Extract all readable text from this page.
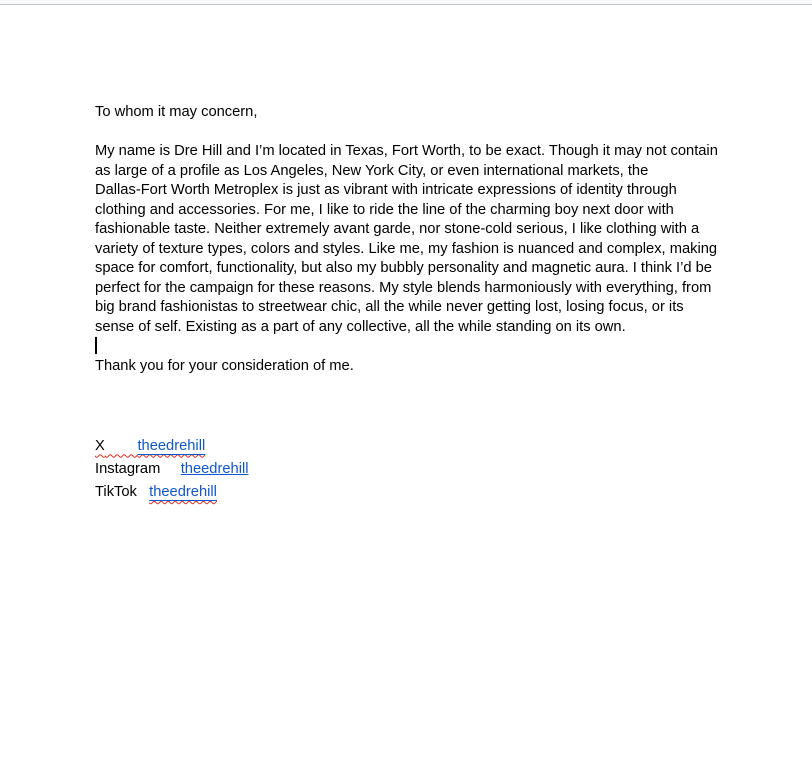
To whom it may concern,
My name is Dre Hill and I’m located in Texas, Fort Worth, to be exact. Though it may not contain
as large of a profile as Los Angeles, New York City, or even international markets, the
Dallas-Fort Worth Metroplex is just as vibrant with intricate expressions of identity through
clothing and accessories. For me, I like to ride the line of the charming boy next door with
fashionable taste. Neither extremely avant garde, nor stone-cold serious, I like clothing with a
variety of texture types, colors and styles. Like me, my fashion is nuanced and complex, making
space for comfort, functionality, but also my bubbly personality and magnetic aura. I think I’d be
perfect for the campaign for these reasons. My style blends harmoniously with everything, from
big brand fashionistas to streetwear chic, all the while never getting lost, losing focus, or its
sense of self. Existing as a part of any collective, all the while standing on its own.
Thank you for your consideration of me.
X theedrehill
Instagram theedrehill
TikTok theedrehill
